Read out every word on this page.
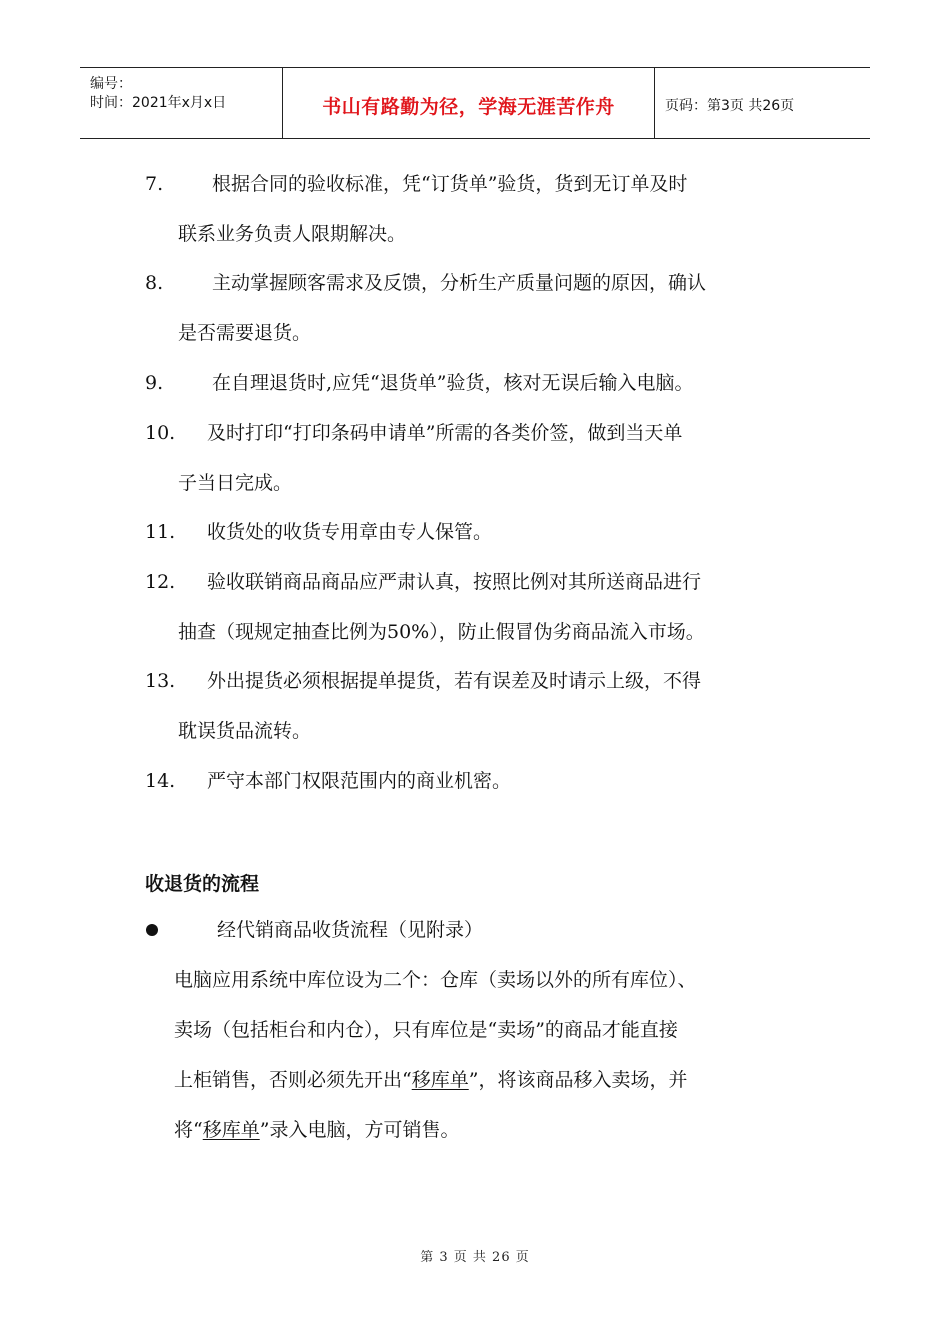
编号：
时间：2021年x月x日	书山有路勤为径，学海无涯苦作舟	页码：第3页 共26页
7.	根据合同的验收标准，凭“订货单”验货，货到无订单及时
联系业务负责人限期解决。
8.	主动掌握顾客需求及反馈，分析生产质量问题的原因，确认
是否需要退货。
9.	在自理退货时,应凭“退货单”验货，核对无误后输入电脑。
10. 及时打印“打印条码申请单”所需的各类价签，做到当天单
子当日完成。
11. 收货处的收货专用章由专人保管。
12. 验收联销商品商品应严肃认真，按照比例对其所送商品进行
抽查（现规定抽查比例为50%），防止假冒伪劣商品流入市场。
13. 外出提货必须根据提单提货，若有误差及时请示上级，不得
耽误货品流转。
14. 严守本部门权限范围内的商业机密。
收退货的流程
经代销商品收货流程（见附录）
电脑应用系统中库位设为二个：仓库（卖场以外的所有库位）、
卖场（包括柜台和内仓），只有库位是“卖场”的商品才能直接
上柜销售，否则必须先开出“移库单”，将该商品移入卖场，并
将“移库单”录入电脑，方可销售。
第 3 页 共 26 页
